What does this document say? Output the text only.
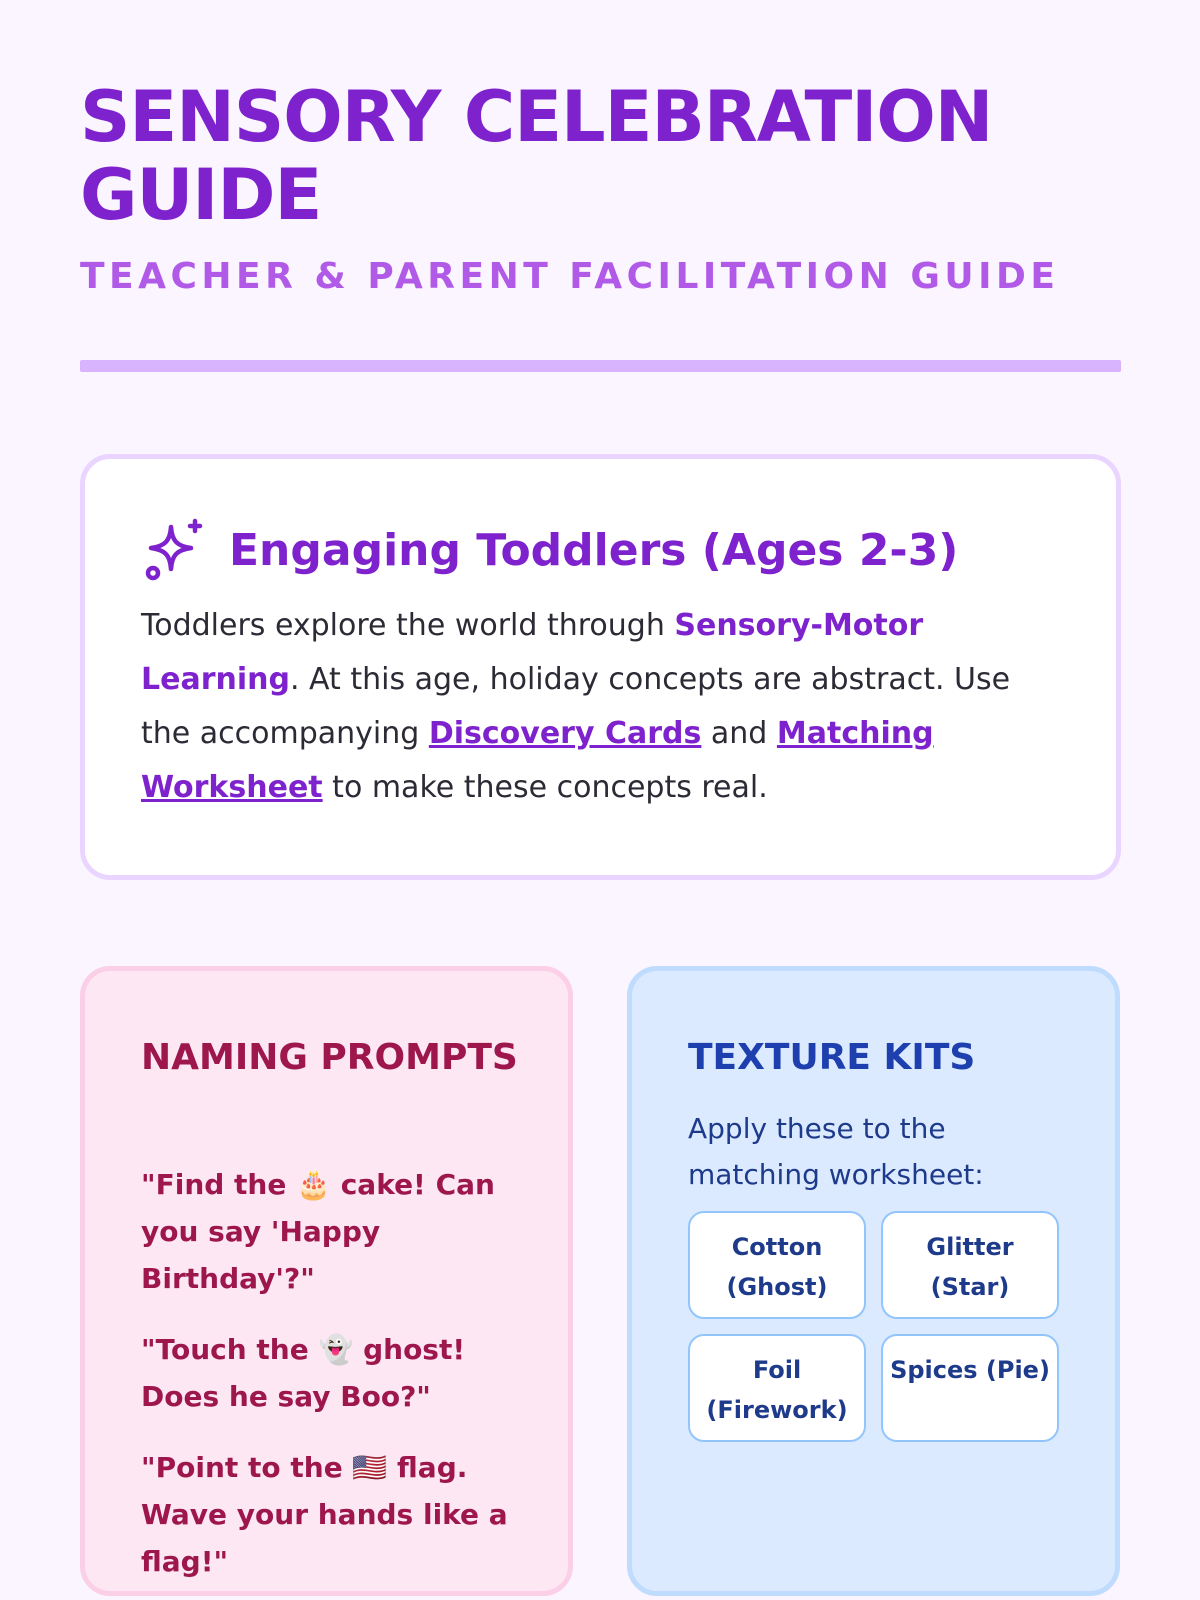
SENSORY CELEBRATION GUIDE
TEACHER & PARENT FACILITATION GUIDE
Engaging Toddlers (Ages 2-3)

Toddlers explore the world through Sensory-Motor Learning. At this age, holiday concepts are abstract. Use the accompanying Discovery Cards and Matching Worksheet to make these concepts real.

NAMING PROMPTS
"Find the 🎂 cake! Can you say 'Happy Birthday'?"
"Touch the 👻 ghost! Does he say Boo?"
"Point to the 🇺🇸 flag. Wave your hands like a flag!"
TEXTURE KITS

Apply these to the matching worksheet:

Cotton (Ghost)
Glitter (Star)
Foil (Firework)
Spices (Pie)
